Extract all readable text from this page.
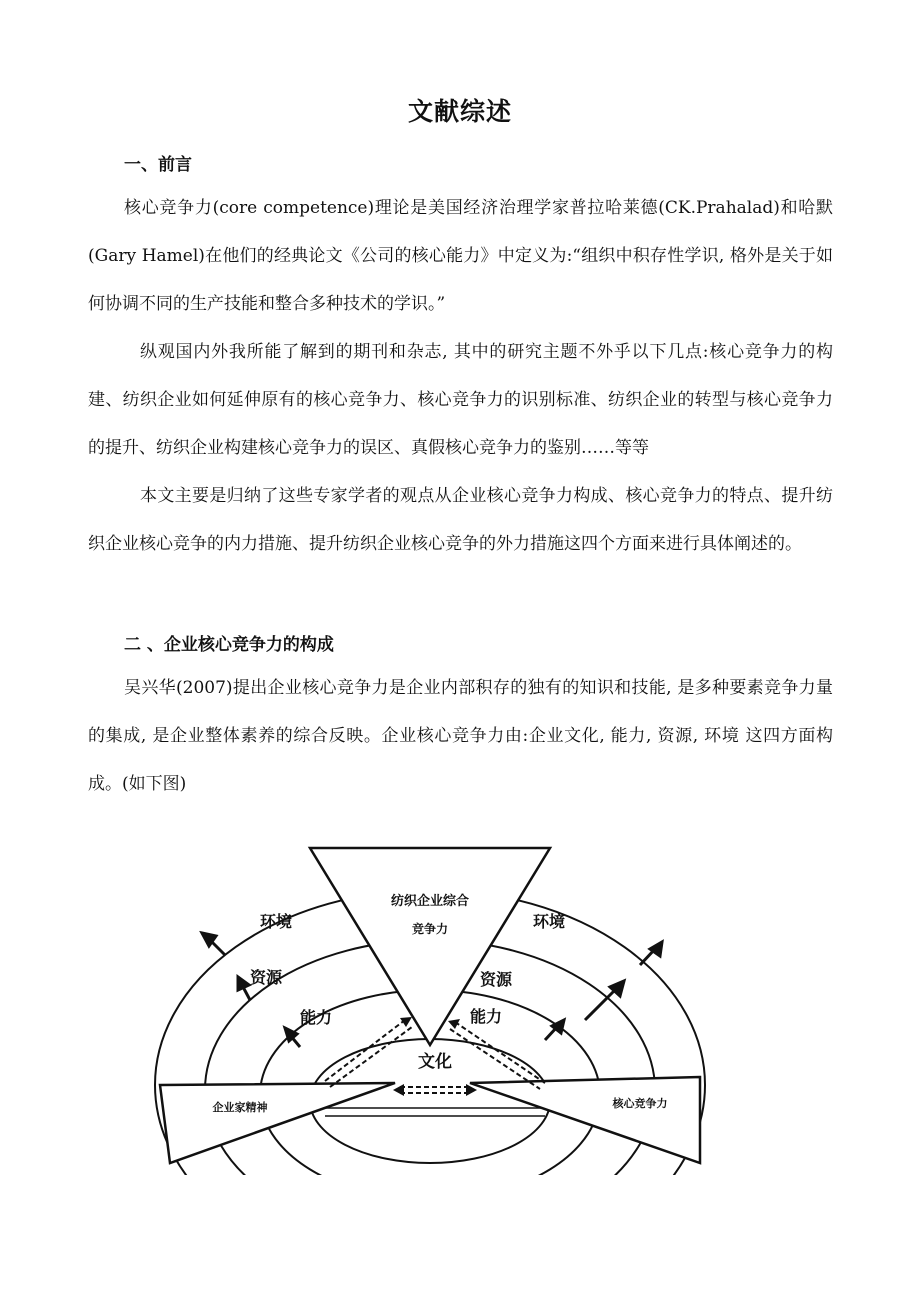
文献综述
一、前言

核心竞争力(core competence)理论是美国经济治理学家普拉哈莱德(CK.Prahalad)和哈默(Gary Hamel)在他们的经典论文《公司的核心能力》中定义为:“组织中积存性学识, 格外是关于如何协调不同的生产技能和整合多种技术的学识。”

纵观国内外我所能了解到的期刊和杂志, 其中的研究主题不外乎以下几点:核心竞争力的构建、纺织企业如何延伸原有的核心竞争力、核心竞争力的识别标准、纺织企业的转型与核心竞争力的提升、纺织企业构建核心竞争力的误区、真假核心竞争力的鉴别……等等

本文主要是归纳了这些专家学者的观点从企业核心竞争力构成、核心竞争力的特点、提升纺织企业核心竞争的内力措施、提升纺织企业核心竞争的外力措施这四个方面来进行具体阐述的。

二 、企业核心竞争力的构成

吴兴华(2007)提出企业核心竞争力是企业内部积存的独有的知识和技能, 是多种要素竞争力量的集成, 是企业整体素养的综合反映。企业核心竞争力由:企业文化, 能力, 资源, 环境 这四方面构成。(如下图)

纺织企业综合
竞争力
企业家精神	核心竞争力
环境	环境
资源	资源
能力	能力
文化
